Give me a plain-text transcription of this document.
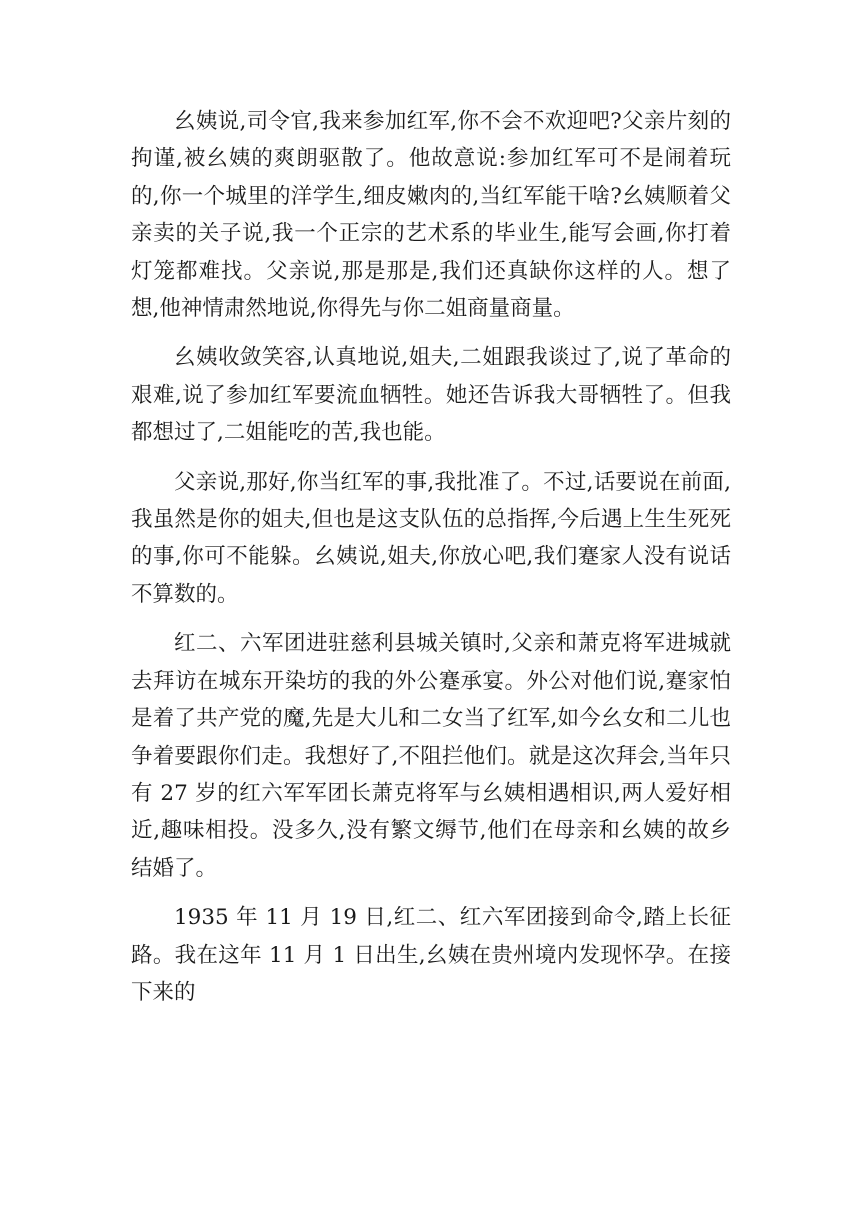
幺姨说,司令官,我来参加红军,你不会不欢迎吧?父亲片刻的拘谨,被幺姨的爽朗驱散了。他故意说:参加红军可不是闹着玩的,你一个城里的洋学生,细皮嫩肉的,当红军能干啥?幺姨顺着父亲卖的关子说,我一个正宗的艺术系的毕业生,能写会画,你打着灯笼都难找。父亲说,那是那是,我们还真缺你这样的人。想了想,他神情肃然地说,你得先与你二姐商量商量。

幺姨收敛笑容,认真地说,姐夫,二姐跟我谈过了,说了革命的艰难,说了参加红军要流血牺牲。她还告诉我大哥牺牲了。但我都想过了,二姐能吃的苦,我也能。

父亲说,那好,你当红军的事,我批准了。不过,话要说在前面,我虽然是你的姐夫,但也是这支队伍的总指挥,今后遇上生生死死的事,你可不能躲。幺姨说,姐夫,你放心吧,我们蹇家人没有说话不算数的。

红二、六军团进驻慈利县城关镇时,父亲和萧克将军进城就去拜访在城东开染坊的我的外公蹇承宴。外公对他们说,蹇家怕是着了共产党的魔,先是大儿和二女当了红军,如今幺女和二儿也争着要跟你们走。我想好了,不阻拦他们。就是这次拜会,当年只有 27 岁的红六军军团长萧克将军与幺姨相遇相识,两人爱好相近,趣味相投。没多久,没有繁文缛节,他们在母亲和幺姨的故乡结婚了。

1935 年 11 月 19 日,红二、红六军团接到命令,踏上长征路。我在这年 11 月 1 日出生,幺姨在贵州境内发现怀孕。在接下来的
